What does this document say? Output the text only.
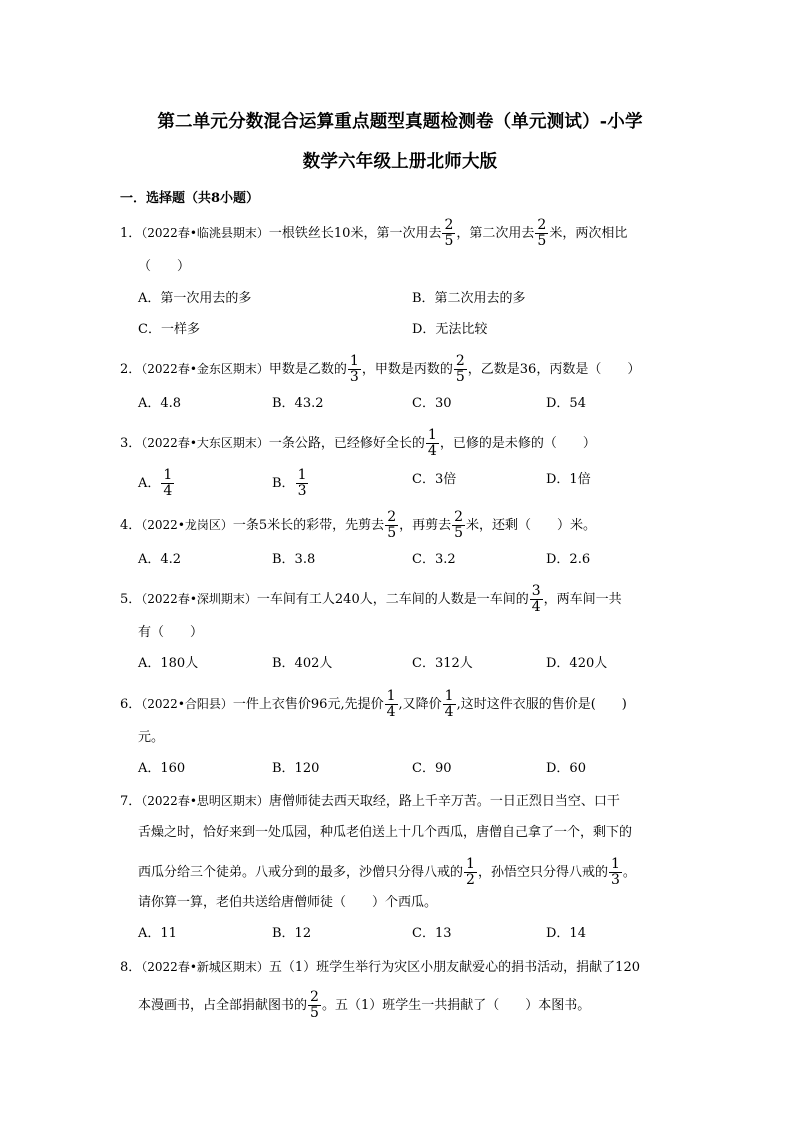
第二单元分数混合运算重点题型真题检测卷（单元测试）-小学
数学六年级上册北师大版
一．选择题（共8小题）
1．（2022春•临洮县期末）一根铁丝长10米，第一次用去 $\frac{2}{5}$ ，第二次用去 $\frac{2}{5}$ 米，两次相比
（　　）
A．第一次用去的多	B．第二次用去的多
C．一样多	D．无法比较
2．（2022春•金东区期末）甲数是乙数的 $\frac{1}{3}$ ，甲数是丙数的 $\frac{2}{5}$ ，乙数是36，丙数是（　　）
A．4.8	B．43.2	C．30	D．54
3．（2022春•大东区期末）一条公路，已经修好全长的 $\frac{1}{4}$ ，已修的是未修的（　　）
A． $\frac{1}{4}$	B． $\frac{1}{3}$	C．3倍	D．1倍
4．（2022•龙岗区）一条5米长的彩带，先剪去 $\frac{2}{5}$ ，再剪去 $\frac{2}{5}$ 米，还剩（　　）米。
A．4.2	B．3.8	C．3.2	D．2.6
5．（2022春•深圳期末）一车间有工人240人，二车间的人数是一车间的 $\frac{3}{4}$ ，两车间一共
有（　　）
A．180人	B．402人	C．312人	D．420人
6．（2022•合阳县）一件上衣售价96元,先提价 $\frac{1}{4}$ ,又降价 $\frac{1}{4}$ ,这时这件衣服的售价是(　　)
元。
A．160	B．120	C．90	D．60
7．（2022春•思明区期末）唐僧师徒去西天取经，路上千辛万苦。一日正烈日当空、口干
舌燥之时，恰好来到一处瓜园，种瓜老伯送上十几个西瓜，唐僧自己拿了一个，剩下的
西瓜分给三个徒弟。八戒分到的最多，沙僧只分得八戒的 $\frac{1}{2}$ ，孙悟空只分得八戒的 $\frac{1}{3}$ 。
请你算一算，老伯共送给唐僧师徒（　　）个西瓜。
A．11	B．12	C．13	D．14
8．（2022春•新城区期末）五（1）班学生举行为灾区小朋友献爱心的捐书活动，捐献了120
本漫画书，占全部捐献图书的 $\frac{2}{5}$ 。五（1）班学生一共捐献了（　　）本图书。
